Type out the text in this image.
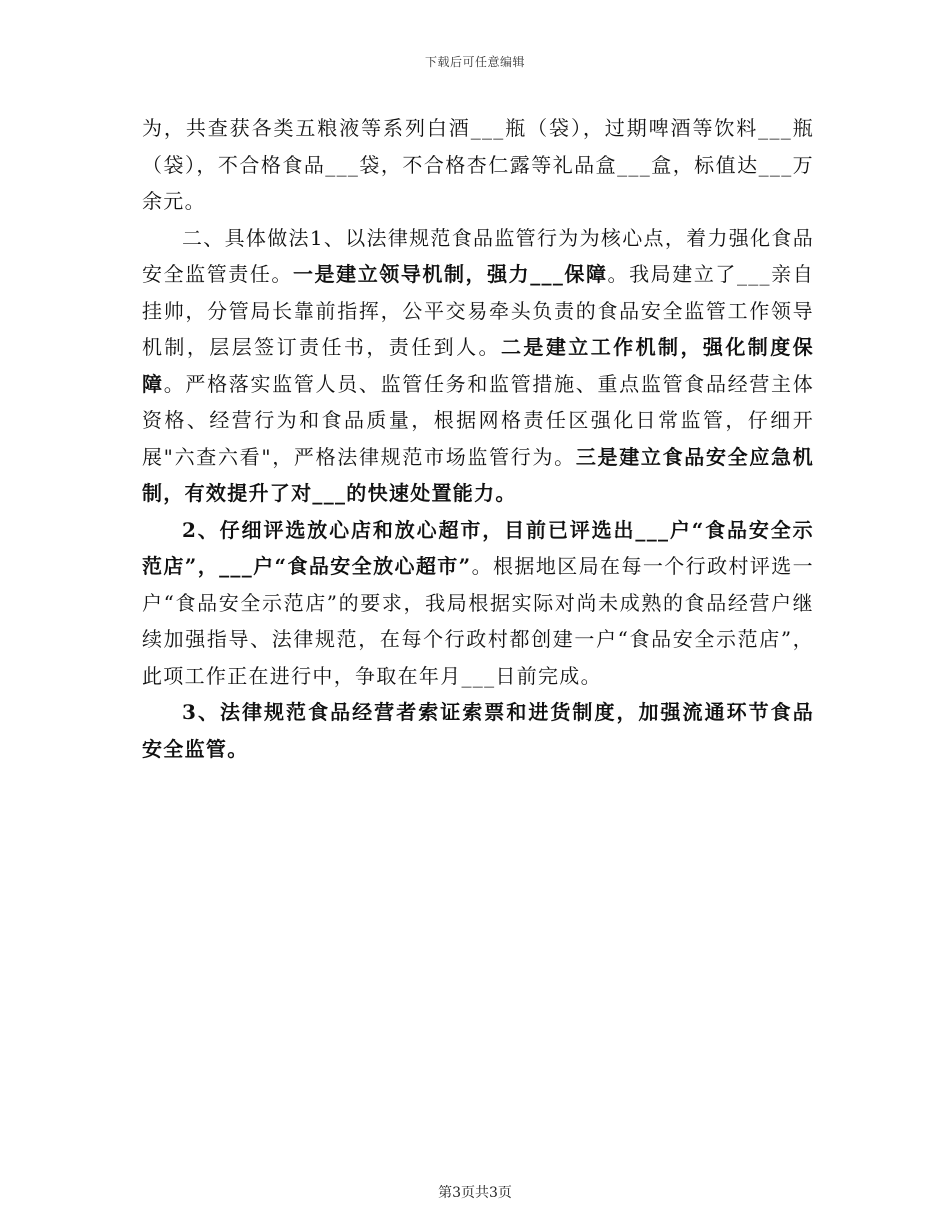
下载后可任意编辑

为，共查获各类五粮液等系列白酒___瓶（袋），过期啤酒等饮料___瓶（袋），不合格食品___袋，不合格杏仁露等礼品盒___盒，标值达___万余元。

二、具体做法1、以法律规范食品监管行为为核心点，着力强化食品安全监管责任。一是建立领导机制，强力___保障。我局建立了___亲自挂帅，分管局长靠前指挥，公平交易牵头负责的食品安全监管工作领导机制，层层签订责任书，责任到人。二是建立工作机制，强化制度保障。严格落实监管人员、监管任务和监管措施、重点监管食品经营主体资格、经营行为和食品质量，根据网格责任区强化日常监管，仔细开展"六查六看"，严格法律规范市场监管行为。三是建立食品安全应急机制，有效提升了对___的快速处置能力。

2、仔细评选放心店和放心超市，目前已评选出___户“食品安全示范店”，___户“食品安全放心超市”。根据地区局在每一个行政村评选一户“食品安全示范店”的要求，我局根据实际对尚未成熟的食品经营户继续加强指导、法律规范，在每个行政村都创建一户“食品安全示范店”，此项工作正在进行中，争取在年月___日前完成。

3、法律规范食品经营者索证索票和进货制度，加强流通环节食品安全监管。

第3页共3页
